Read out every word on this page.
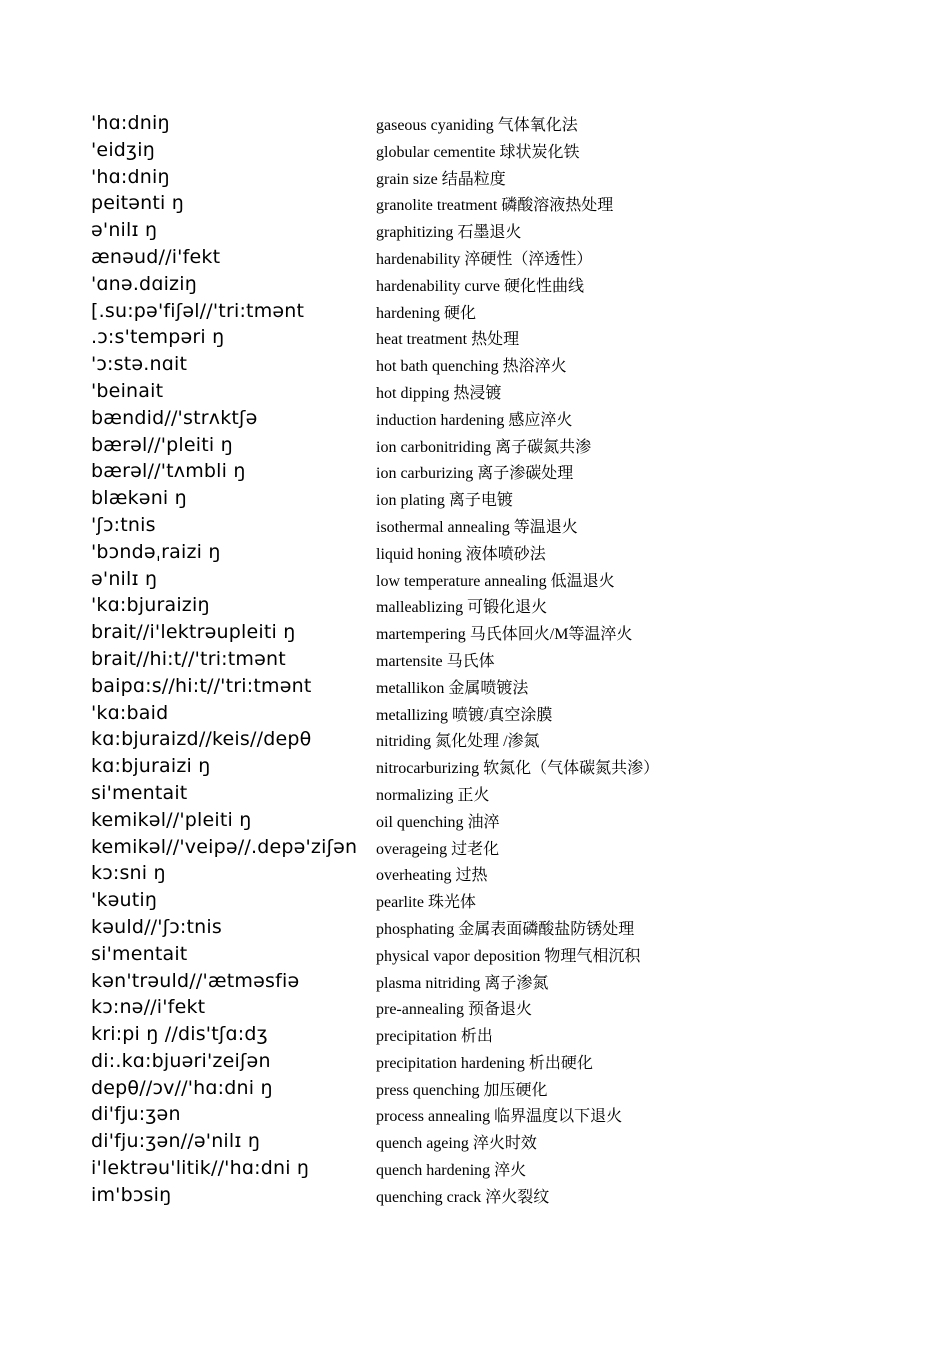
'hɑ:dniŋ
'eidʒiŋ
'hɑ:dniŋ
peitənti ŋ
ə'nilɪ ŋ
ænəud//i'fekt
'ɑnə.dɑiziŋ
[.su:pə'fiʃəl//'tri:tmənt
.ɔ:s'tempəri ŋ
'ɔ:stə.nɑit
'beinait
bændid//'strʌktʃə
bærəl//'pleiti ŋ
bærəl//'tʌmbli ŋ
blækəni ŋ
'ʃɔ:tnis
'bɔndəˌraizi ŋ
ə'nilɪ ŋ
'kɑ:bjuraiziŋ
brait//i'lektrəupleiti ŋ
brait//hi:t//'tri:tmənt
baipɑ:s//hi:t//'tri:tmənt
'kɑ:baid
kɑ:bjuraizd//keis//depθ
kɑ:bjuraizi ŋ
si'mentait
kemikəl//'pleiti ŋ
kemikəl//'veipə//.depə'ziʃən
kɔ:sni ŋ
'kəutiŋ
kəuld//'ʃɔ:tnis
si'mentait
kən'trəuld//'ætməsfiə
kɔ:nə//i'fekt
kri:pi ŋ //dis'tʃɑ:dʒ
di:.kɑ:bjuəri'zeiʃən
depθ//ɔv//'hɑ:dni ŋ
di'fju:ʒən
di'fju:ʒən//ə'nilɪ ŋ
i'lektrəu'litik//'hɑ:dni ŋ
im'bɔsiŋ
gaseous cyaniding 气体氧化法
globular cementite 球状炭化铁
grain size 结晶粒度
granolite treatment 磷酸溶液热处理
graphitizing 石墨退火
hardenability 淬硬性（淬透性）
hardenability curve 硬化性曲线
hardening 硬化
heat treatment 热处理
hot bath quenching 热浴淬火
hot dipping 热浸镀
induction hardening 感应淬火
ion carbonitriding 离子碳氮共渗
ion carburizing 离子渗碳处理
ion plating 离子电镀
isothermal annealing 等温退火
liquid honing 液体喷砂法
low temperature annealing 低温退火
malleablizing 可锻化退火
martempering 马氏体回火/M等温淬火
martensite 马氏体
metallikon 金属喷镀法
metallizing 喷镀/真空涂膜
nitriding 氮化处理 /渗氮
nitrocarburizing 软氮化（气体碳氮共渗）
normalizing 正火
oil quenching 油淬
overageing 过老化
overheating 过热
pearlite 珠光体
phosphating 金属表面磷酸盐防锈处理
physical vapor deposition 物理气相沉积
plasma nitriding 离子渗氮
pre-annealing 预备退火
precipitation 析出
precipitation hardening 析出硬化
press quenching 加压硬化
process annealing 临界温度以下退火
quench ageing 淬火时效
quench hardening 淬火
quenching crack 淬火裂纹
